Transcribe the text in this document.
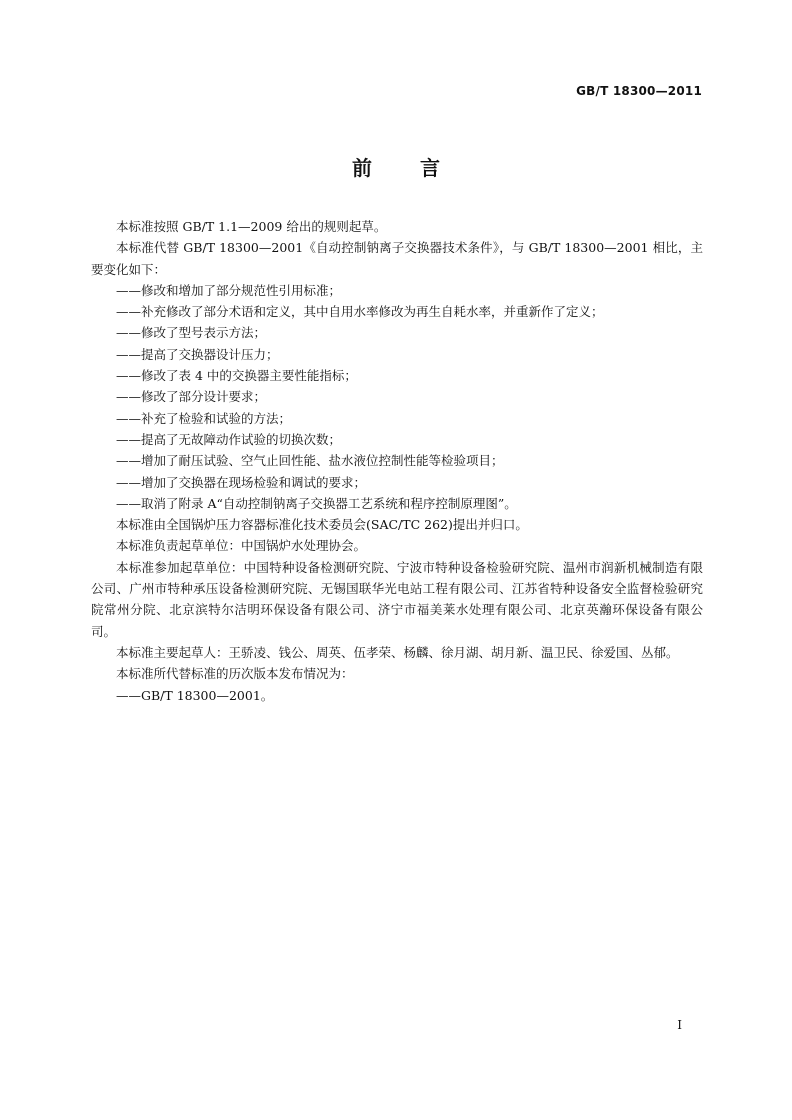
GB/T 18300—2011
前 言

本标准按照 GB/T 1.1—2009 给出的规则起草。

本标准代替 GB/T 18300—2001《自动控制钠离子交换器技术条件》，与 GB/T 18300—2001 相比，主要变化如下：

——修改和增加了部分规范性引用标准；

——补充修改了部分术语和定义，其中自用水率修改为再生自耗水率，并重新作了定义；

——修改了型号表示方法；

——提高了交换器设计压力；

——修改了表 4 中的交换器主要性能指标；

——修改了部分设计要求；

——补充了检验和试验的方法；

——提高了无故障动作试验的切换次数；

——增加了耐压试验、空气止回性能、盐水液位控制性能等检验项目；

——增加了交换器在现场检验和调试的要求；

——取消了附录 A“自动控制钠离子交换器工艺系统和程序控制原理图”。

本标准由全国锅炉压力容器标准化技术委员会(SAC/TC 262)提出并归口。

本标准负责起草单位：中国锅炉水处理协会。

本标准参加起草单位：中国特种设备检测研究院、宁波市特种设备检验研究院、温州市润新机械制造有限公司、广州市特种承压设备检测研究院、无锡国联华光电站工程有限公司、江苏省特种设备安全监督检验研究院常州分院、北京滨特尔洁明环保设备有限公司、济宁市福美莱水处理有限公司、北京英瀚环保设备有限公司。

本标准主要起草人：王骄凌、钱公、周英、伍孝荣、杨麟、徐月湖、胡月新、温卫民、徐爱国、丛郁。

本标准所代替标准的历次版本发布情况为：

——GB/T 18300—2001。

I
